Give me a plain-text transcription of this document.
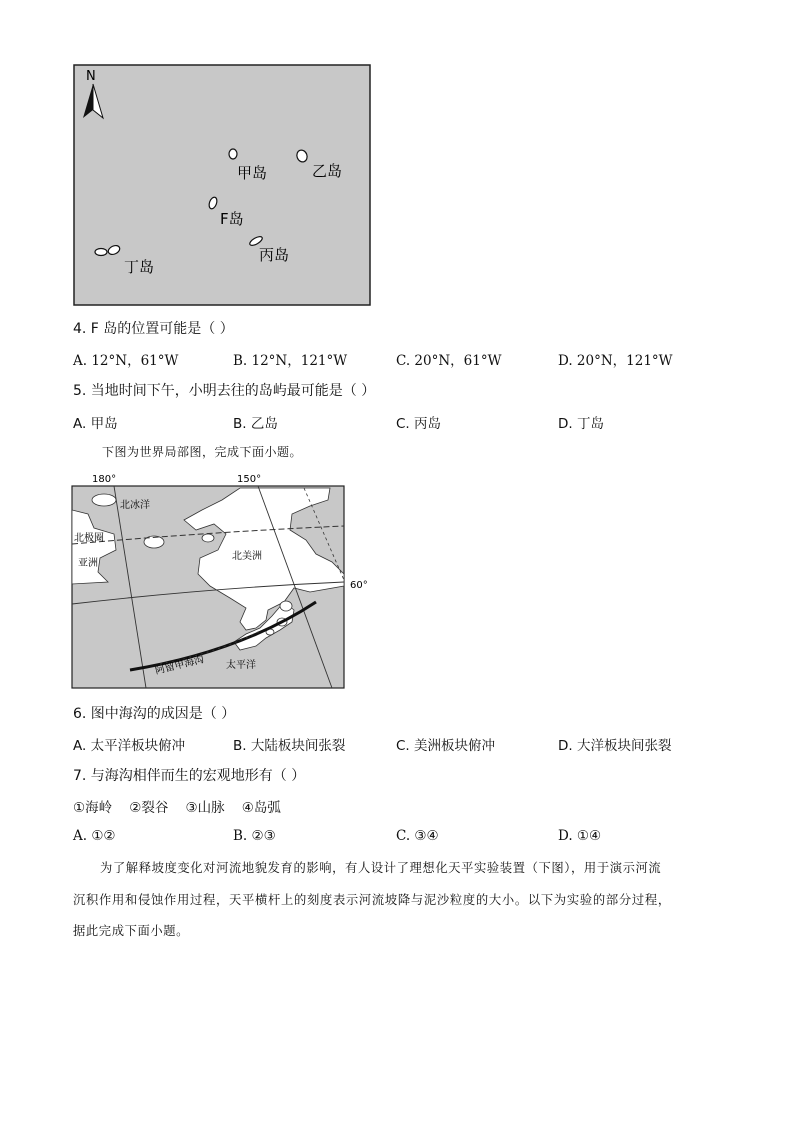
N
甲岛	乙岛
F岛
丙岛
丁岛
4. F 岛的位置可能是（ ）
A. 12°N，61°W	B. 12°N，121°W	C. 20°N，61°W	D. 20°N，121°W
5. 当地时间下午，小明去往的岛屿最可能是（ ）
A. 甲岛	B. 乙岛	C. 丙岛	D. 丁岛
下图为世界局部图，完成下面小题。
180°	150°
60°
北冰洋
北极圈
亚洲
北美洲
阿留申海沟 太平洋
6. 图中海沟的成因是（ ）
A. 太平洋板块俯冲	B. 大陆板块间张裂	C. 美洲板块俯冲	D. 大洋板块间张裂
7. 与海沟相伴而生的宏观地形有（ ）
①海岭    ②裂谷    ③山脉    ④岛弧
A. ①②	B. ②③	C. ③④	D. ①④
为了解释坡度变化对河流地貌发育的影响，有人设计了理想化天平实验装置（下图），用于演示河流
沉积作用和侵蚀作用过程，天平横杆上的刻度表示河流坡降与泥沙粒度的大小。以下为实验的部分过程，
据此完成下面小题。
